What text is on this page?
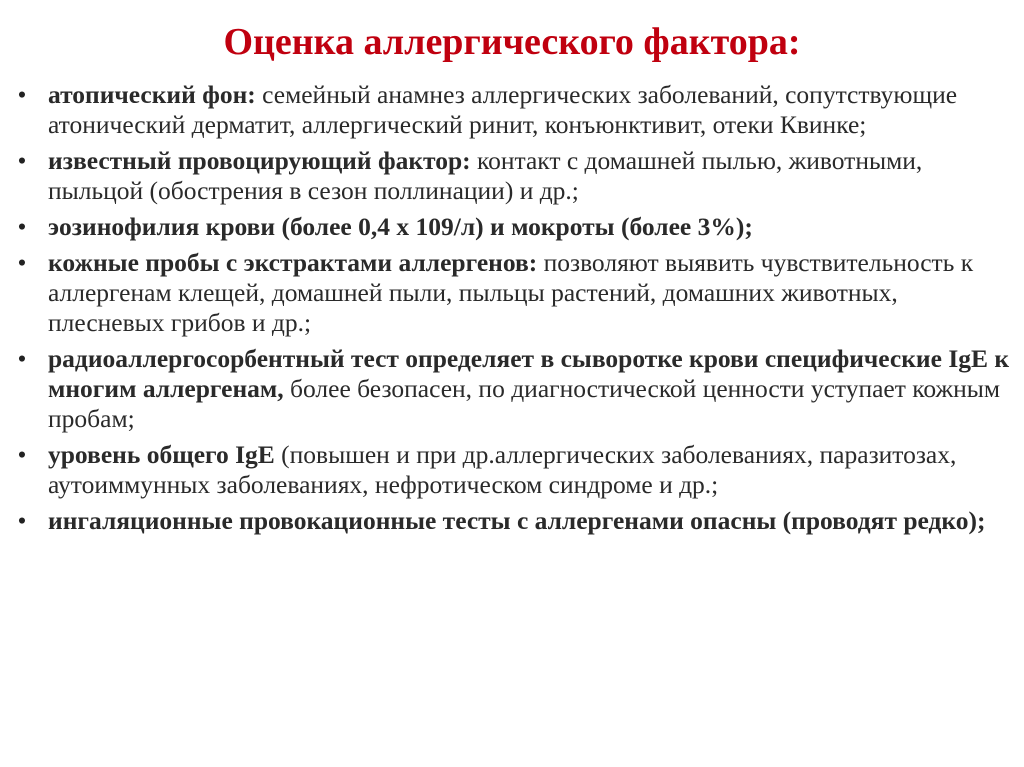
Оценка аллергического фактора:
• атопический фон: семейный анамнез аллергических заболеваний, сопутствующие атонический дерматит, аллергический ринит, конъюнктивит, отеки Квинке;
• известный провоцирующий фактор: контакт с домашней пылью, животными, пыльцой (обострения в сезон поллинации) и др.;
• эозинофилия крови (более 0,4 х 109/л) и мокроты (более 3%);
• кожные пробы с экстрактами аллергенов: позволяют выявить чувствительность к аллергенам клещей, домашней пыли, пыльцы растений, домашних животных, плесневых грибов и др.;
• радиоаллергосорбентный тест определяет в сыворотке крови специфические IgE к многим аллергенам, более безопасен, по диагностической ценности уступает кожным пробам;
• уровень общего IgE (повышен и при др.аллергических заболеваниях, паразитозах, аутоиммунных заболеваниях, нефротическом синдроме и др.;
• ингаляционные провокационные тесты с аллергенами опасны (проводят редко);
